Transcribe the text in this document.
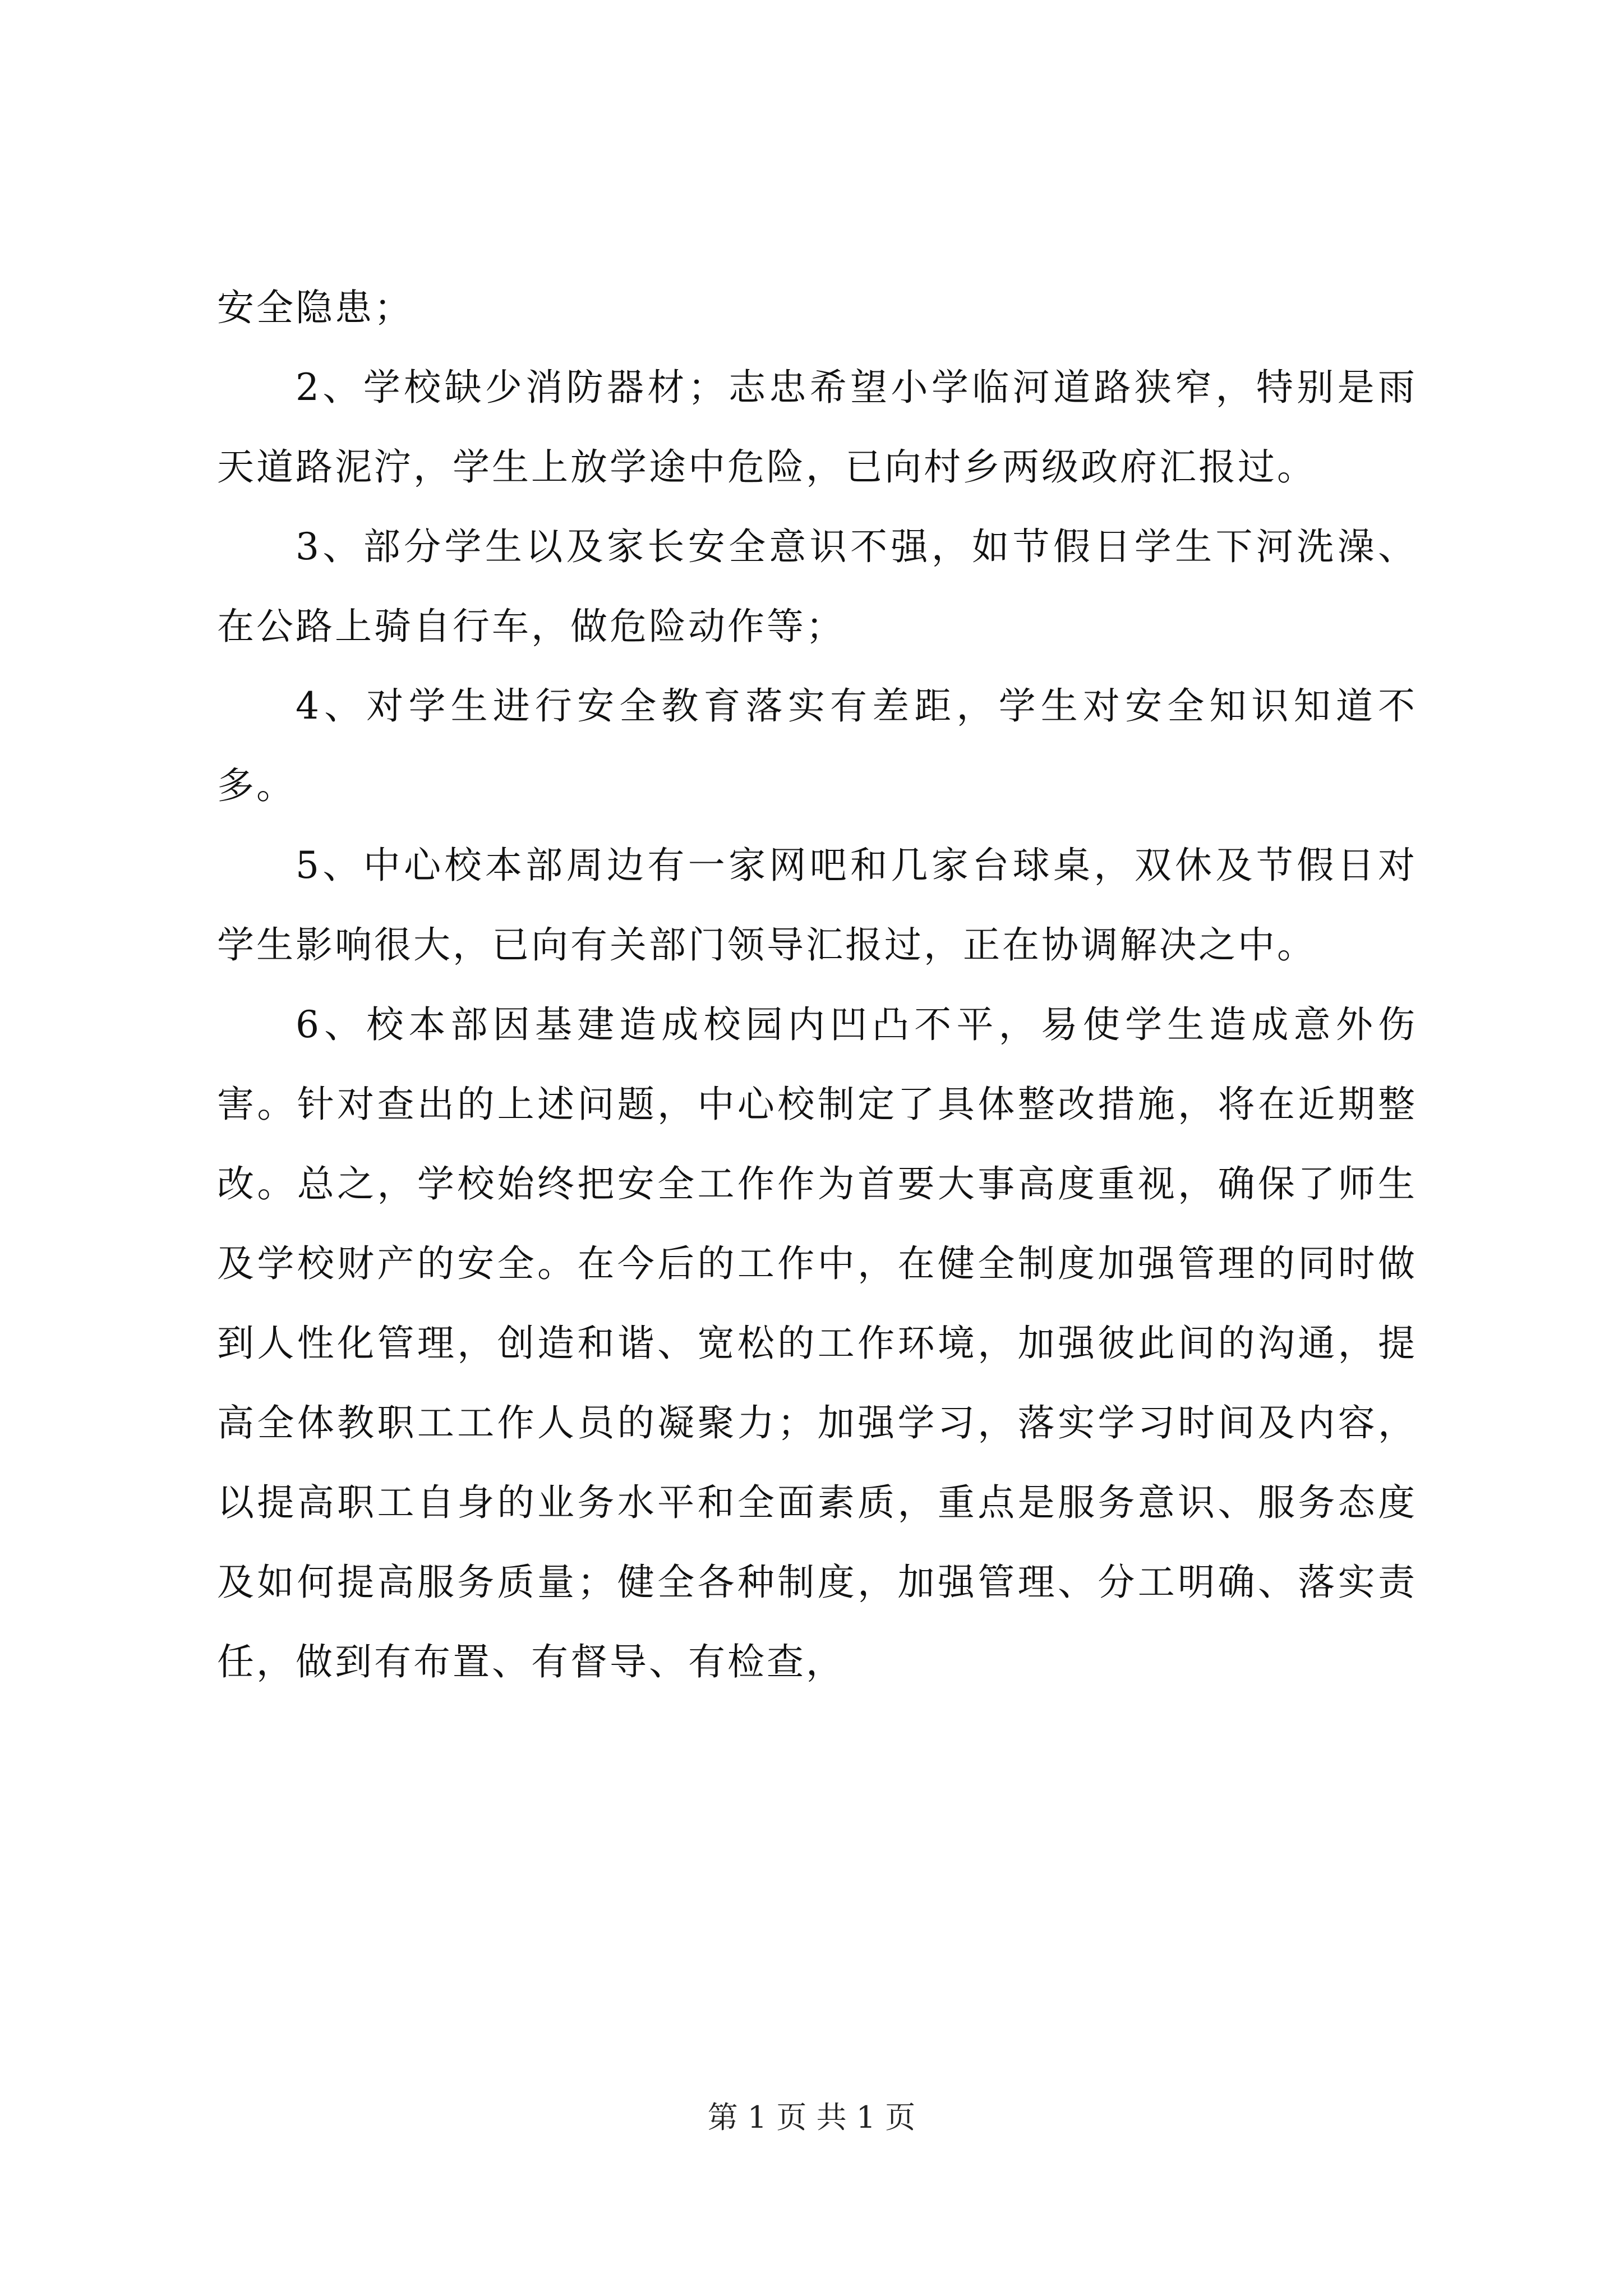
安全隐患；

2、学校缺少消防器材；志忠希望小学临河道路狭窄，特别是雨天道路泥泞，学生上放学途中危险，已向村乡两级政府汇报过。

3、部分学生以及家长安全意识不强，如节假日学生下河洗澡、在公路上骑自行车，做危险动作等；

4、对学生进行安全教育落实有差距，学生对安全知识知道不多。

5、中心校本部周边有一家网吧和几家台球桌，双休及节假日对学生影响很大，已向有关部门领导汇报过，正在协调解决之中。

6、校本部因基建造成校园内凹凸不平，易使学生造成意外伤害。针对查出的上述问题，中心校制定了具体整改措施，将在近期整改。总之，学校始终把安全工作作为首要大事高度重视，确保了师生及学校财产的安全。在今后的工作中，在健全制度加强管理的同时做到人性化管理，创造和谐、宽松的工作环境，加强彼此间的沟通，提高全体教职工工作人员的凝聚力；加强学习，落实学习时间及内容，以提高职工自身的业务水平和全面素质，重点是服务意识、服务态度及如何提高服务质量；健全各种制度，加强管理、分工明确、落实责任，做到有布置、有督导、有检查，

第 1 页 共 1 页
